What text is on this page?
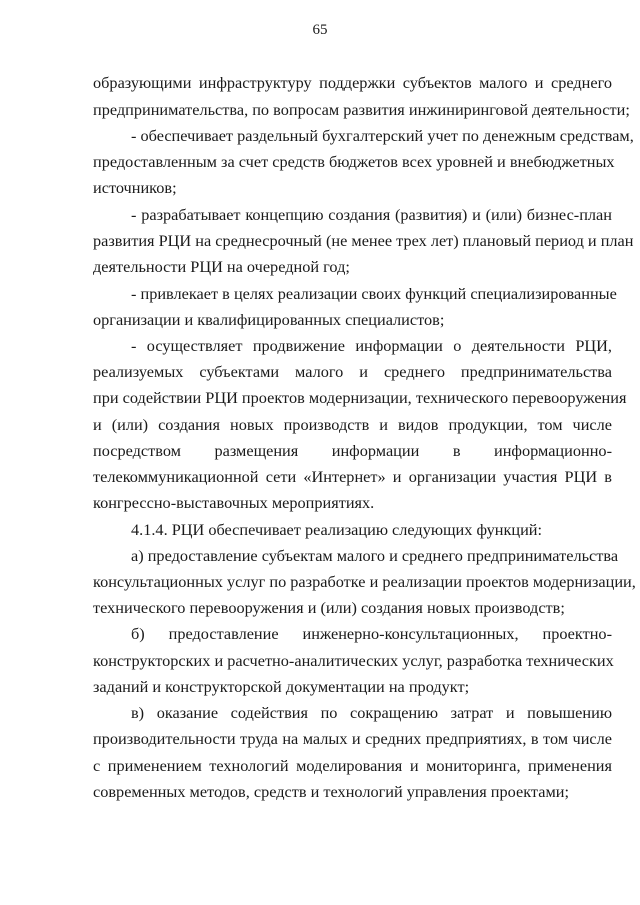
65
образующими инфраструктуру поддержки субъектов малого и среднего
предпринимательства, по вопросам развития инжиниринговой деятельности;
- обеспечивает раздельный бухгалтерский учет по денежным средствам,
предоставленным за счет средств бюджетов всех уровней и внебюджетных
источников;
- разрабатывает концепцию создания (развития) и (или) бизнес-план
развития РЦИ на среднесрочный (не менее трех лет) плановый период и план
деятельности РЦИ на очередной год;
- привлекает в целях реализации своих функций специализированные
организации и квалифицированных специалистов;
- осуществляет продвижение информации о деятельности РЦИ,
реализуемых субъектами малого и среднего предпринимательства
при содействии РЦИ проектов модернизации, технического перевооружения
и (или) создания новых производств и видов продукции, том числе
посредством размещения информации в информационно-
телекоммуникационной сети «Интернет» и организации участия РЦИ в
конгрессно-выставочных мероприятиях.
4.1.4. РЦИ обеспечивает реализацию следующих функций:
а) предоставление субъектам малого и среднего предпринимательства
консультационных услуг по разработке и реализации проектов модернизации,
технического перевооружения и (или) создания новых производств;
б) предоставление инженерно-консультационных, проектно-
конструкторских и расчетно-аналитических услуг, разработка технических
заданий и конструкторской документации на продукт;
в) оказание содействия по сокращению затрат и повышению
производительности труда на малых и средних предприятиях, в том числе
с применением технологий моделирования и мониторинга, применения
современных методов, средств и технологий управления проектами;
